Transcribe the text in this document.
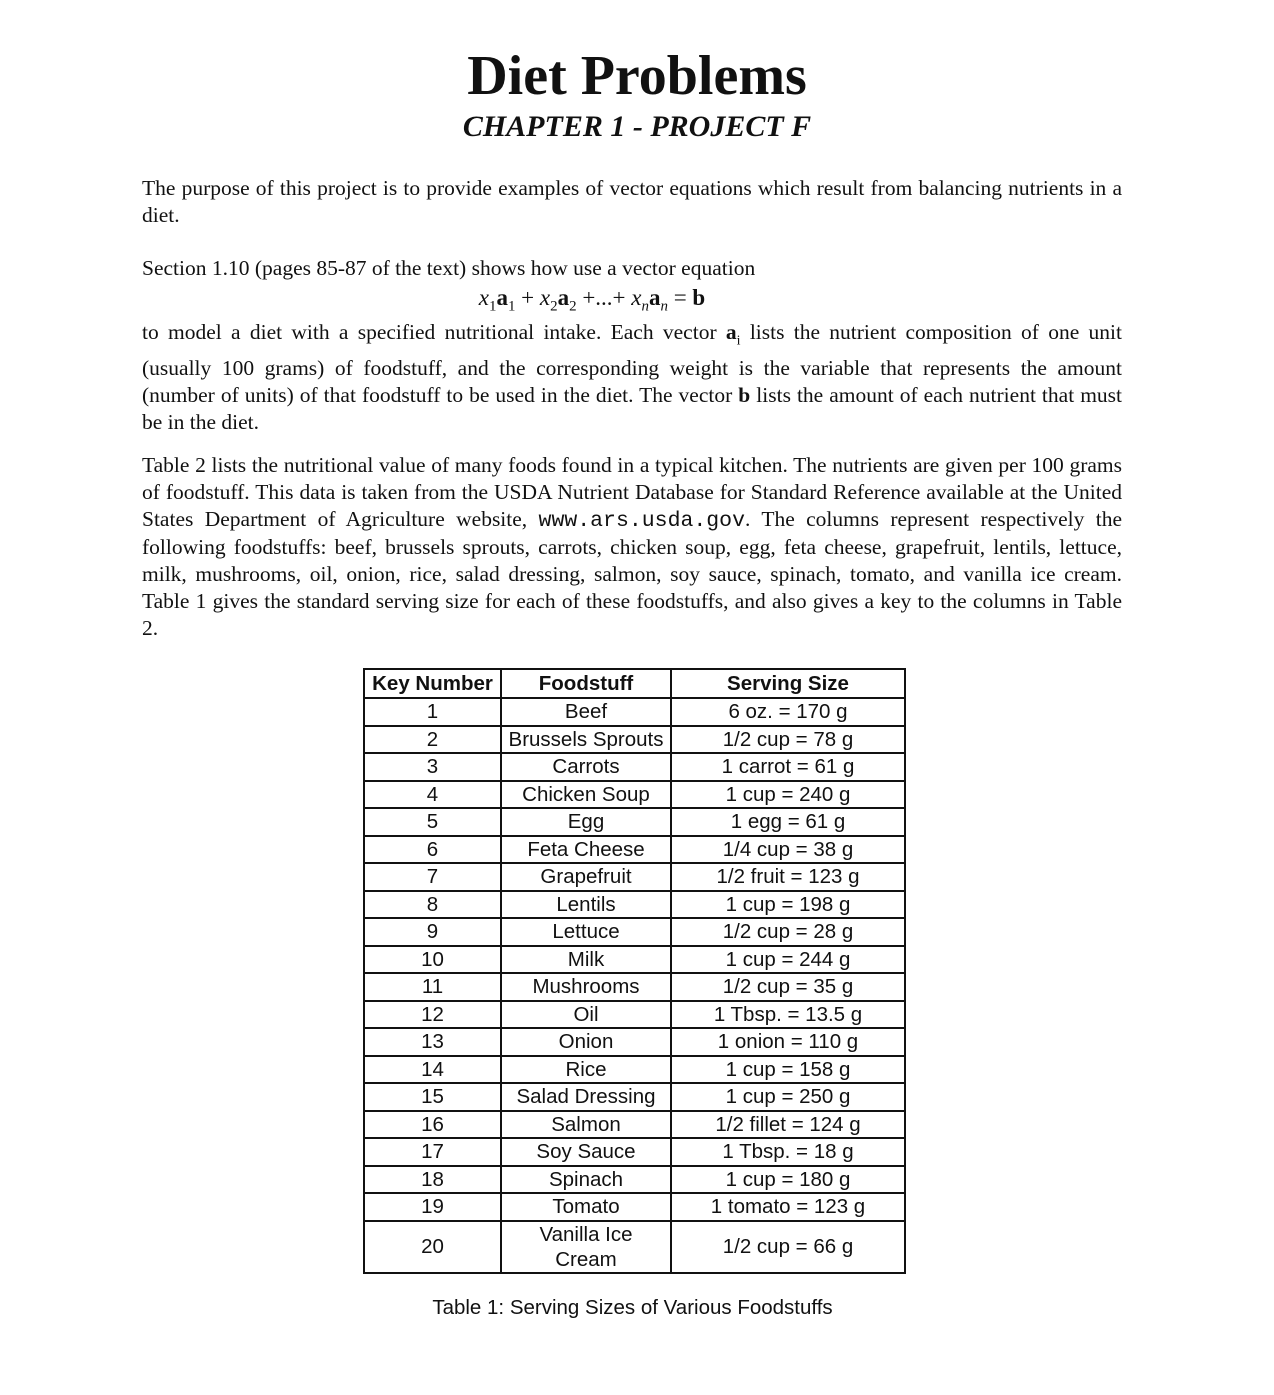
Diet Problems
CHAPTER 1 - PROJECT F

The purpose of this project is to provide examples of vector equations which result from balancing nutrients in a diet.

Section 1.10 (pages 85-87 of the text) shows how use a vector equation

$x_1a_1 + x_2a_2$ +...+ $x_na_n = b$

to model a diet with a specified nutritional intake. Each vector $a_i$ lists the nutrient composition of one unit (usually 100 grams) of foodstuff, and the corresponding weight is the variable that represents the amount (number of units) of that foodstuff to be used in the diet. The vector b lists the amount of each nutrient that must be in the diet.

Table 2 lists the nutritional value of many foods found in a typical kitchen. The nutrients are given per 100 grams of foodstuff. This data is taken from the USDA Nutrient Database for Standard Reference available at the United States Department of Agriculture website, www.ars.usda.gov. The columns represent respectively the following foodstuffs: beef, brussels sprouts, carrots, chicken soup, egg, feta cheese, grapefruit, lentils, lettuce, milk, mushrooms, oil, onion, rice, salad dressing, salmon, soy sauce, spinach, tomato, and vanilla ice cream. Table 1 gives the standard serving size for each of these foodstuffs, and also gives a key to the columns in Table 2.

Key Number	Foodstuff	Serving Size
1	Beef	6 oz. = 170 g
2	Brussels Sprouts	1/2 cup = 78 g
3	Carrots	1 carrot = 61 g
4	Chicken Soup	1 cup = 240 g
5	Egg	1 egg = 61 g
6	Feta Cheese	1/4 cup = 38 g
7	Grapefruit	1/2 fruit = 123 g
8	Lentils	1 cup = 198 g
9	Lettuce	1/2 cup = 28 g
10	Milk	1 cup = 244 g
11	Mushrooms	1/2 cup = 35 g
12	Oil	1 Tbsp. = 13.5 g
13	Onion	1 onion = 110 g
14	Rice	1 cup = 158 g
15	Salad Dressing	1 cup = 250 g
16	Salmon	1/2 fillet = 124 g
17	Soy Sauce	1 Tbsp. = 18 g
18	Spinach	1 cup = 180 g
19	Tomato	1 tomato = 123 g
20	Vanilla Ice Cream	1/2 cup = 66 g
Table 1: Serving Sizes of Various Foodstuffs
